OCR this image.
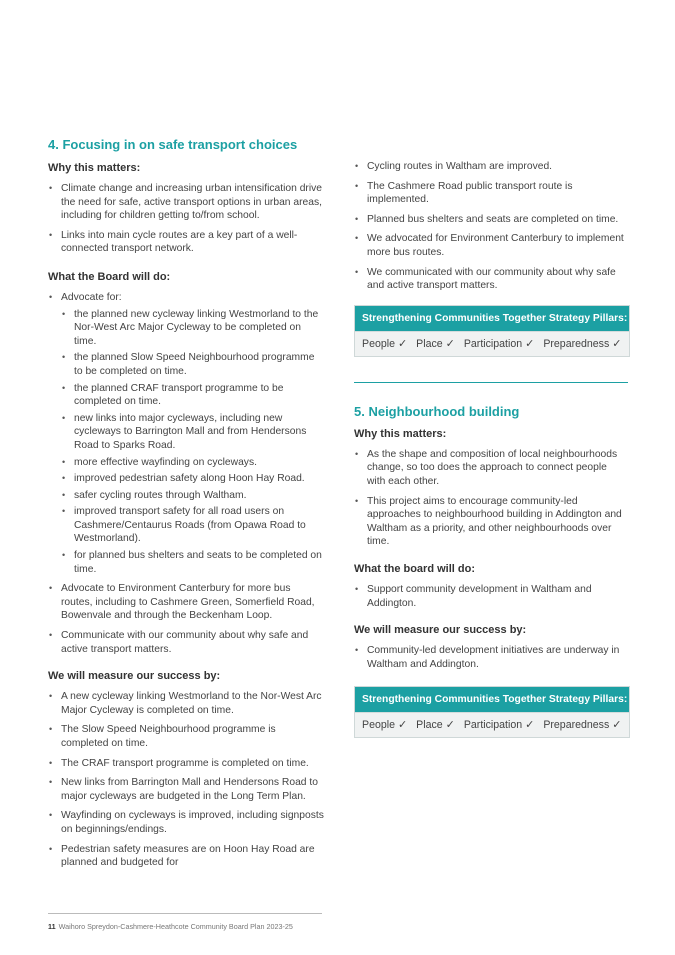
4. Focusing in on safe transport choices
Why this matters:
• Climate change and increasing urban intensification drive the need for safe, active transport options in urban areas, including for children getting to/from school.
• Links into main cycle routes are a key part of a well-connected transport network.
What the Board will do:
• Advocate for:
• the planned new cycleway linking Westmorland to the Nor-West Arc Major Cycleway to be completed on time.
• the planned Slow Speed Neighbourhood programme to be completed on time.
• the planned CRAF transport programme to be completed on time.
• new links into major cycleways, including new cycleways to Barrington Mall and from Hendersons Road to Sparks Road.
• more effective wayfinding on cycleways.
• improved pedestrian safety along Hoon Hay Road.
• safer cycling routes through Waltham.
• improved transport safety for all road users on Cashmere/Centaurus Roads (from Opawa Road to Westmorland).
• for planned bus shelters and seats to be completed on time.
• Advocate to Environment Canterbury for more bus routes, including to Cashmere Green, Somerfield Road, Bowenvale and through the Beckenham Loop.
• Communicate with our community about why safe and active transport matters.
We will measure our success by:
• A new cycleway linking Westmorland to the Nor-West Arc Major Cycleway is completed on time.
• The Slow Speed Neighbourhood programme is completed on time.
• The CRAF transport programme is completed on time.
• New links from Barrington Mall and Hendersons Road to major cycleways are budgeted in the Long Term Plan.
• Wayfinding on cycleways is improved, including signposts on beginnings/endings.
• Pedestrian safety measures are on Hoon Hay Road are planned and budgeted for
• Cycling routes in Waltham are improved.
• The Cashmere Road public transport route is implemented.
• Planned bus shelters and seats are completed on time.
• We advocated for Environment Canterbury to implement more bus routes.
• We communicated with our community about why safe and active transport matters.
Strengthening Communities Together Strategy Pillars:
People ✓ Place ✓ Participation ✓ Preparedness ✓
5. Neighbourhood building
Why this matters:
• As the shape and composition of local neighbourhoods change, so too does the approach to connect people with each other.
• This project aims to encourage community-led approaches to neighbourhood building in Addington and Waltham as a priority, and other neighbourhoods over time.
What the board will do:
• Support community development in Waltham and Addington.
We will measure our success by:
• Community-led development initiatives are underway in Waltham and Addington.
Strengthening Communities Together Strategy Pillars:
People ✓ Place ✓ Participation ✓ Preparedness ✓
11 Waihoro Spreydon-Cashmere-Heathcote Community Board Plan 2023-25
